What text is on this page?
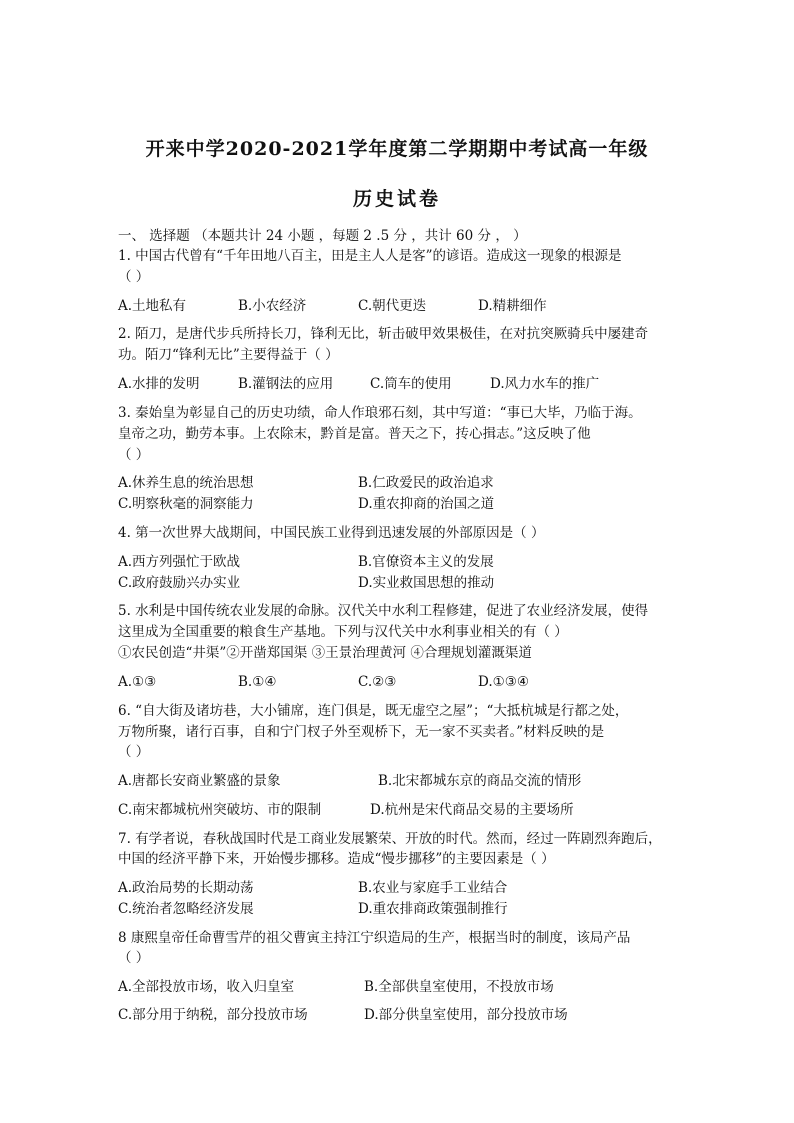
开来中学2020-2021学年度第二学期期中考试高一年级
历史试卷

一、 选择题 （本题共计 24 小题 ，每题 2 .5 分 ，共计 60 分 ， ）

1. 中国古代曾有“千年田地八百主，田是主人人是客”的谚语。造成这一现象的根源是

（ ）

A.土地私有	B.小农经济	C.朝代更迭	D.精耕细作

2. 陌刀，是唐代步兵所持长刀，锋利无比，斩击破甲效果极佳，在对抗突厥骑兵中屡建奇

功。陌刀“锋利无比”主要得益于（ ）

A.水排的发明	B.灌钢法的应用	C.筒车的使用	D.风力水车的推广

3. 秦始皇为彰显自己的历史功绩，命人作琅邪石刻，其中写道：“事已大毕，乃临于海。

皇帝之功，勤劳本事。上农除末，黔首是富。普天之下，抟心揖志。”这反映了他

（ ）

A.休养生息的统治思想	B.仁政爱民的政治追求

C.明察秋毫的洞察能力	D.重农抑商的治国之道

4. 第一次世界大战期间，中国民族工业得到迅速发展的外部原因是（ ）

A.西方列强忙于欧战	B.官僚资本主义的发展

C.政府鼓励兴办实业	D.实业救国思想的推动

5. 水利是中国传统农业发展的命脉。汉代关中水利工程修建，促进了农业经济发展，使得

这里成为全国重要的粮食生产基地。下列与汉代关中水利事业相关的有（ ）

①农民创造“井渠”②开凿郑国渠 ③王景治理黄河 ④合理规划灌溉渠道

A.①③	B.①④	C.②③	D.①③④

6. “自大街及诸坊巷，大小铺席，连门俱是，既无虚空之屋”；“大抵杭城是行都之处，

万物所聚，诸行百事，自和宁门杈子外至观桥下，无一家不买卖者。”材料反映的是

（ ）

A.唐都长安商业繁盛的景象	B.北宋都城东京的商品交流的情形

C.南宋都城杭州突破坊、市的限制	D.杭州是宋代商品交易的主要场所

7. 有学者说，春秋战国时代是工商业发展繁荣、开放的时代。然而，经过一阵剧烈奔跑后，

中国的经济平静下来，开始慢步挪移。造成“慢步挪移”的主要因素是（ ）

A.政治局势的长期动荡	B.农业与家庭手工业结合

C.统治者忽略经济发展	D.重农排商政策强制推行

8 康熙皇帝任命曹雪芹的祖父曹寅主持江宁织造局的生产，根据当时的制度，该局产品

（ ）

A.全部投放市场，收入归皇室	B.全部供皇室使用，不投放市场

C.部分用于纳税，部分投放市场	D.部分供皇室使用，部分投放市场
